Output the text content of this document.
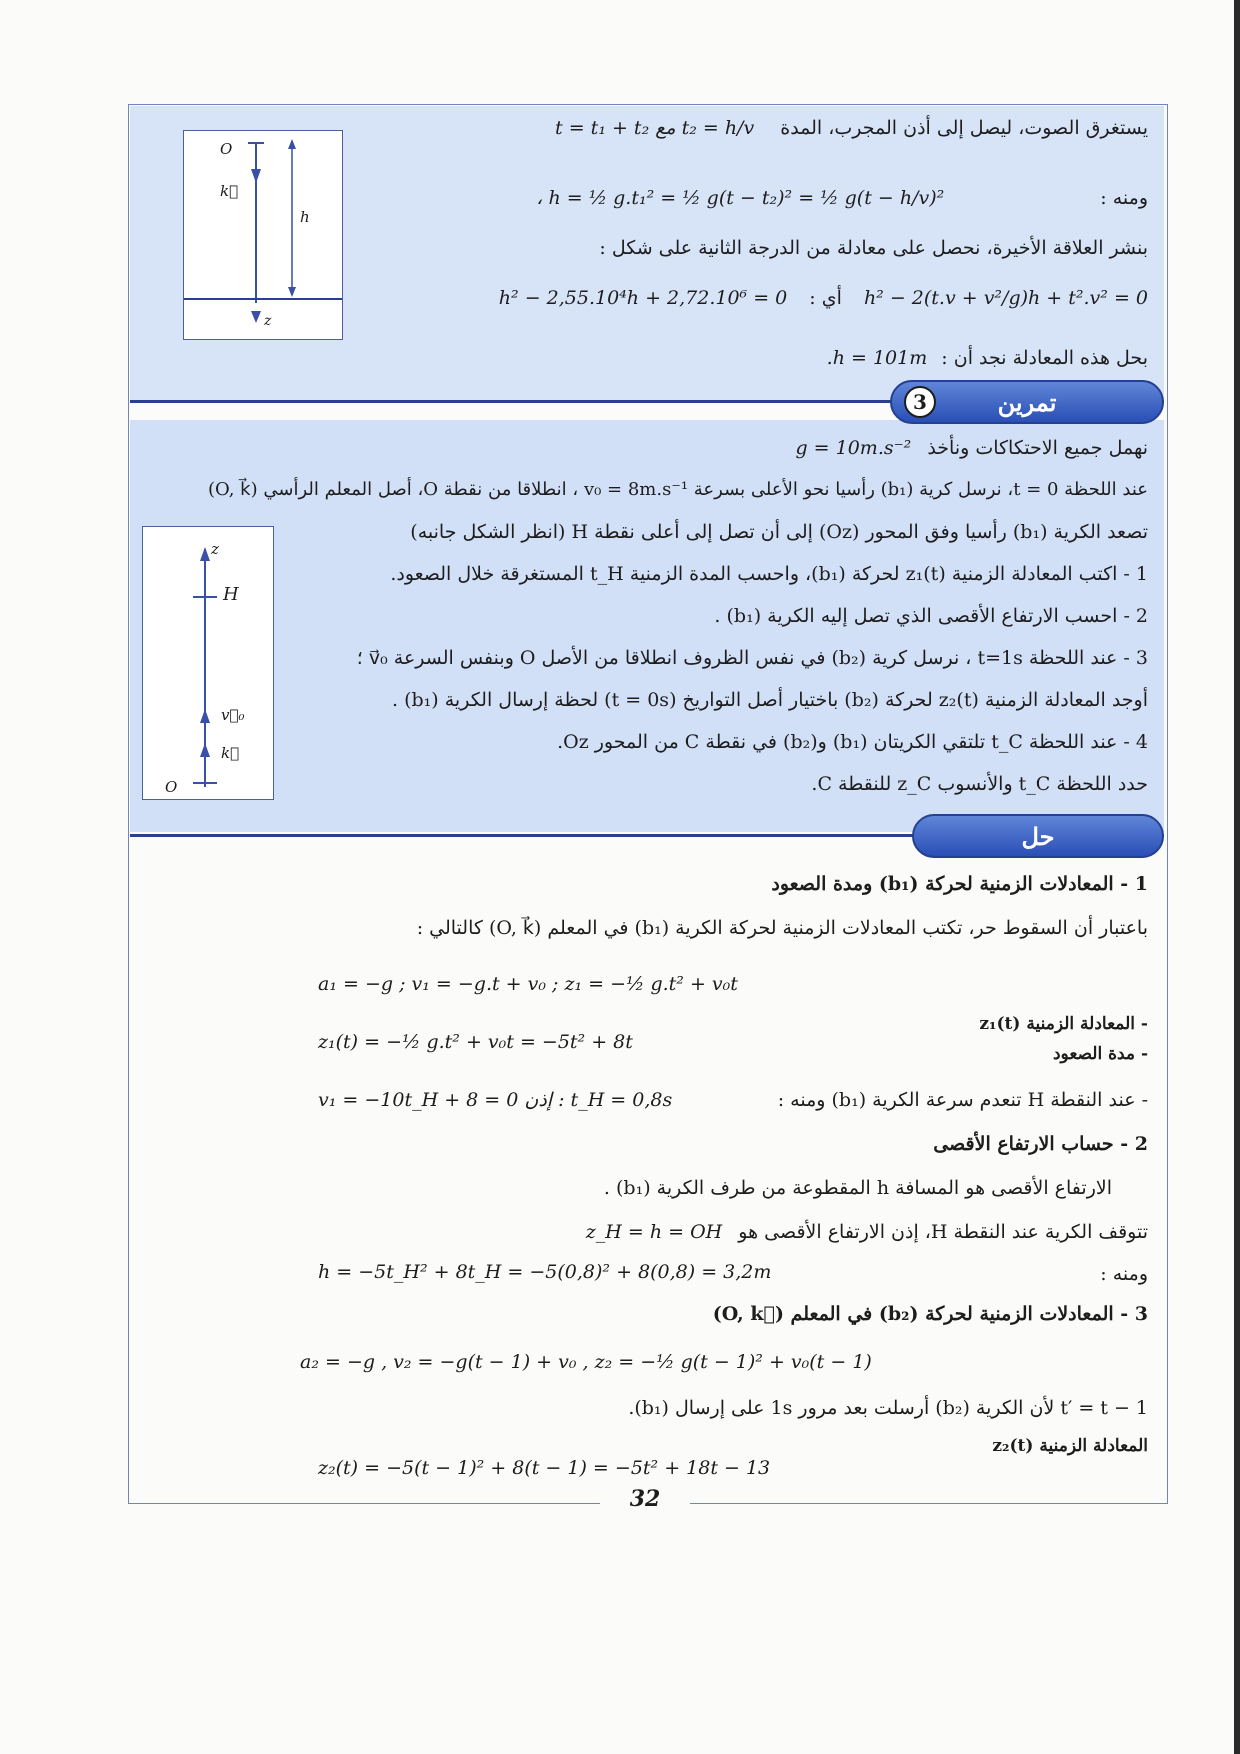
O
k⃗
h
z
يستغرق الصوت، ليصل إلى أذن المجرب، المدة t₂ = h/v مع t = t₁ + t₂
ومنه : h = ½ g.t₁² = ½ g(t − t₂)² = ½ g(t − h/v)² ،
بنشر العلاقة الأخيرة، نحصل على معادلة من الدرجة الثانية على شكل :
h² − 2(t.v + v²/g)h + t².v² = 0 أي : h² − 2,55.10⁴h + 2,72.10⁶ = 0
بحل هذه المعادلة نجد أن : h = 101m.
3	تمرين
z
H
v⃗₀
k⃗
O
نهمل جميع الاحتكاكات ونأخذ g = 10m.s⁻²
عند اللحظة t = 0، نرسل كرية (b₁) رأسيا نحو الأعلى بسرعة v₀ = 8m.s⁻¹ ، انطلاقا من نقطة O، أصل المعلم الرأسي (O, k⃗)
تصعد الكرية (b₁) رأسيا وفق المحور (Oz) إلى أن تصل إلى أعلى نقطة H (انظر الشكل جانبه)
1 - اكتب المعادلة الزمنية z₁(t) لحركة (b₁)، واحسب المدة الزمنية t_H المستغرقة خلال الصعود.
2 - احسب الارتفاع الأقصى الذي تصل إليه الكرية (b₁) .
3 - عند اللحظة t=1s ، نرسل كرية (b₂) في نفس الظروف انطلاقا من الأصل O وبنفس السرعة v⃗₀ ؛
أوجد المعادلة الزمنية z₂(t) لحركة (b₂) باختيار أصل التواريخ (t = 0s) لحظة إرسال الكرية (b₁) .
4 - عند اللحظة t_C تلتقي الكريتان (b₁) و(b₂) في نقطة C من المحور Oz.
حدد اللحظة t_C والأنسوب z_C للنقطة C.
حل
1 - المعادلات الزمنية لحركة (b₁) ومدة الصعود
باعتبار أن السقوط حر، تكتب المعادلات الزمنية لحركة الكرية (b₁) في المعلم (O, k⃗) كالتالي :
a₁ = −g ; v₁ = −g.t + v₀ ; z₁ = −½ g.t² + v₀t
- المعادلة الزمنية z₁(t)
z₁(t) = −½ g.t² + v₀t = −5t² + 8t
- مدة الصعود
- عند النقطة H تنعدم سرعة الكرية (b₁) ومنه :
v₁ = −10t_H + 8 = 0 إذن : t_H = 0,8s
2 - حساب الارتفاع الأقصى
الارتفاع الأقصى هو المسافة h المقطوعة من طرف الكرية (b₁) .
تتوقف الكرية عند النقطة H، إذن الارتفاع الأقصى هو z_H = h = OH
ومنه :
h = −5t_H² + 8t_H = −5(0,8)² + 8(0,8) = 3,2m
3 - المعادلات الزمنية لحركة (b₂) في المعلم (O, k⃗)
a₂ = −g , v₂ = −g(t − 1) + v₀ , z₂ = −½ g(t − 1)² + v₀(t − 1)
t′ = t − 1 لأن الكرية (b₂) أرسلت بعد مرور 1s على إرسال (b₁).
المعادلة الزمنية z₂(t)
z₂(t) = −5(t − 1)² + 8(t − 1) = −5t² + 18t − 13
32
